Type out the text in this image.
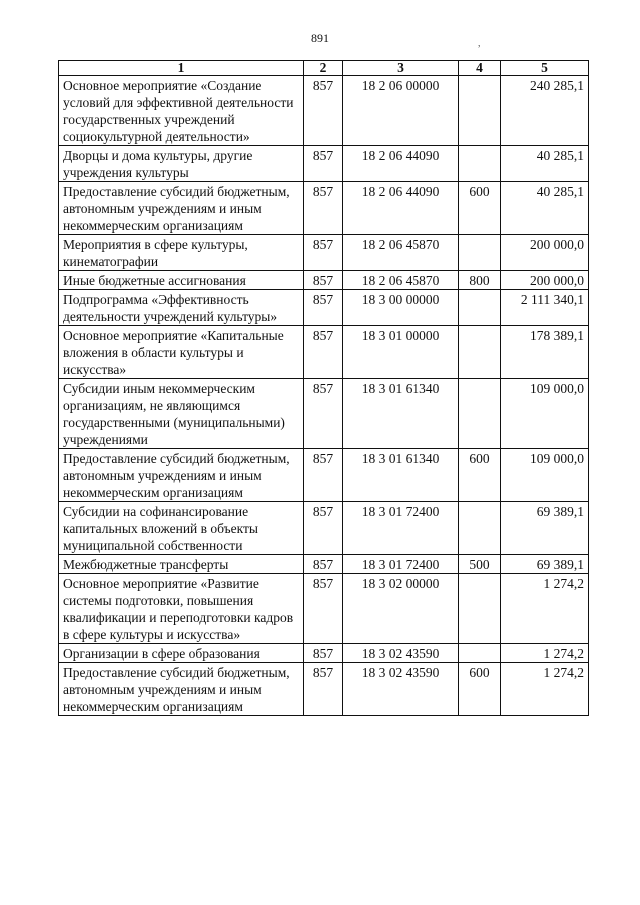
891	,
1	2	3	4	5
Основное мероприятие «Создание условий для эффективной деятельности государственных учреждений социокультурной деятельности»	857	18 2 06 00000		240 285,1
Дворцы и дома культуры, другие учреждения культуры	857	18 2 06 44090		40 285,1
Предоставление субсидий бюджетным, автономным учреждениям и иным некоммерческим организациям	857	18 2 06 44090	600	40 285,1
Мероприятия в сфере культуры, кинематографии	857	18 2 06 45870		200 000,0
Иные бюджетные ассигнования	857	18 2 06 45870	800	200 000,0
Подпрограмма «Эффективность деятельности учреждений культуры»	857	18 3 00 00000		2 111 340,1
Основное мероприятие «Капитальные вложения в области культуры и искусства»	857	18 3 01 00000		178 389,1
Субсидии иным некоммерческим организациям, не являющимся государственными (муниципальными) учреждениями	857	18 3 01 61340		109 000,0
Предоставление субсидий бюджетным, автономным учреждениям и иным некоммерческим организациям	857	18 3 01 61340	600	109 000,0
Субсидии на софинансирование капитальных вложений в объекты муниципальной собственности	857	18 3 01 72400		69 389,1
Межбюджетные трансферты	857	18 3 01 72400	500	69 389,1
Основное мероприятие «Развитие системы подготовки, повышения квалификации и переподготовки кадров в сфере культуры и искусства»	857	18 3 02 00000		1 274,2
Организации в сфере образования	857	18 3 02 43590		1 274,2
Предоставление субсидий бюджетным, автономным учреждениям и иным некоммерческим организациям	857	18 3 02 43590	600	1 274,2
